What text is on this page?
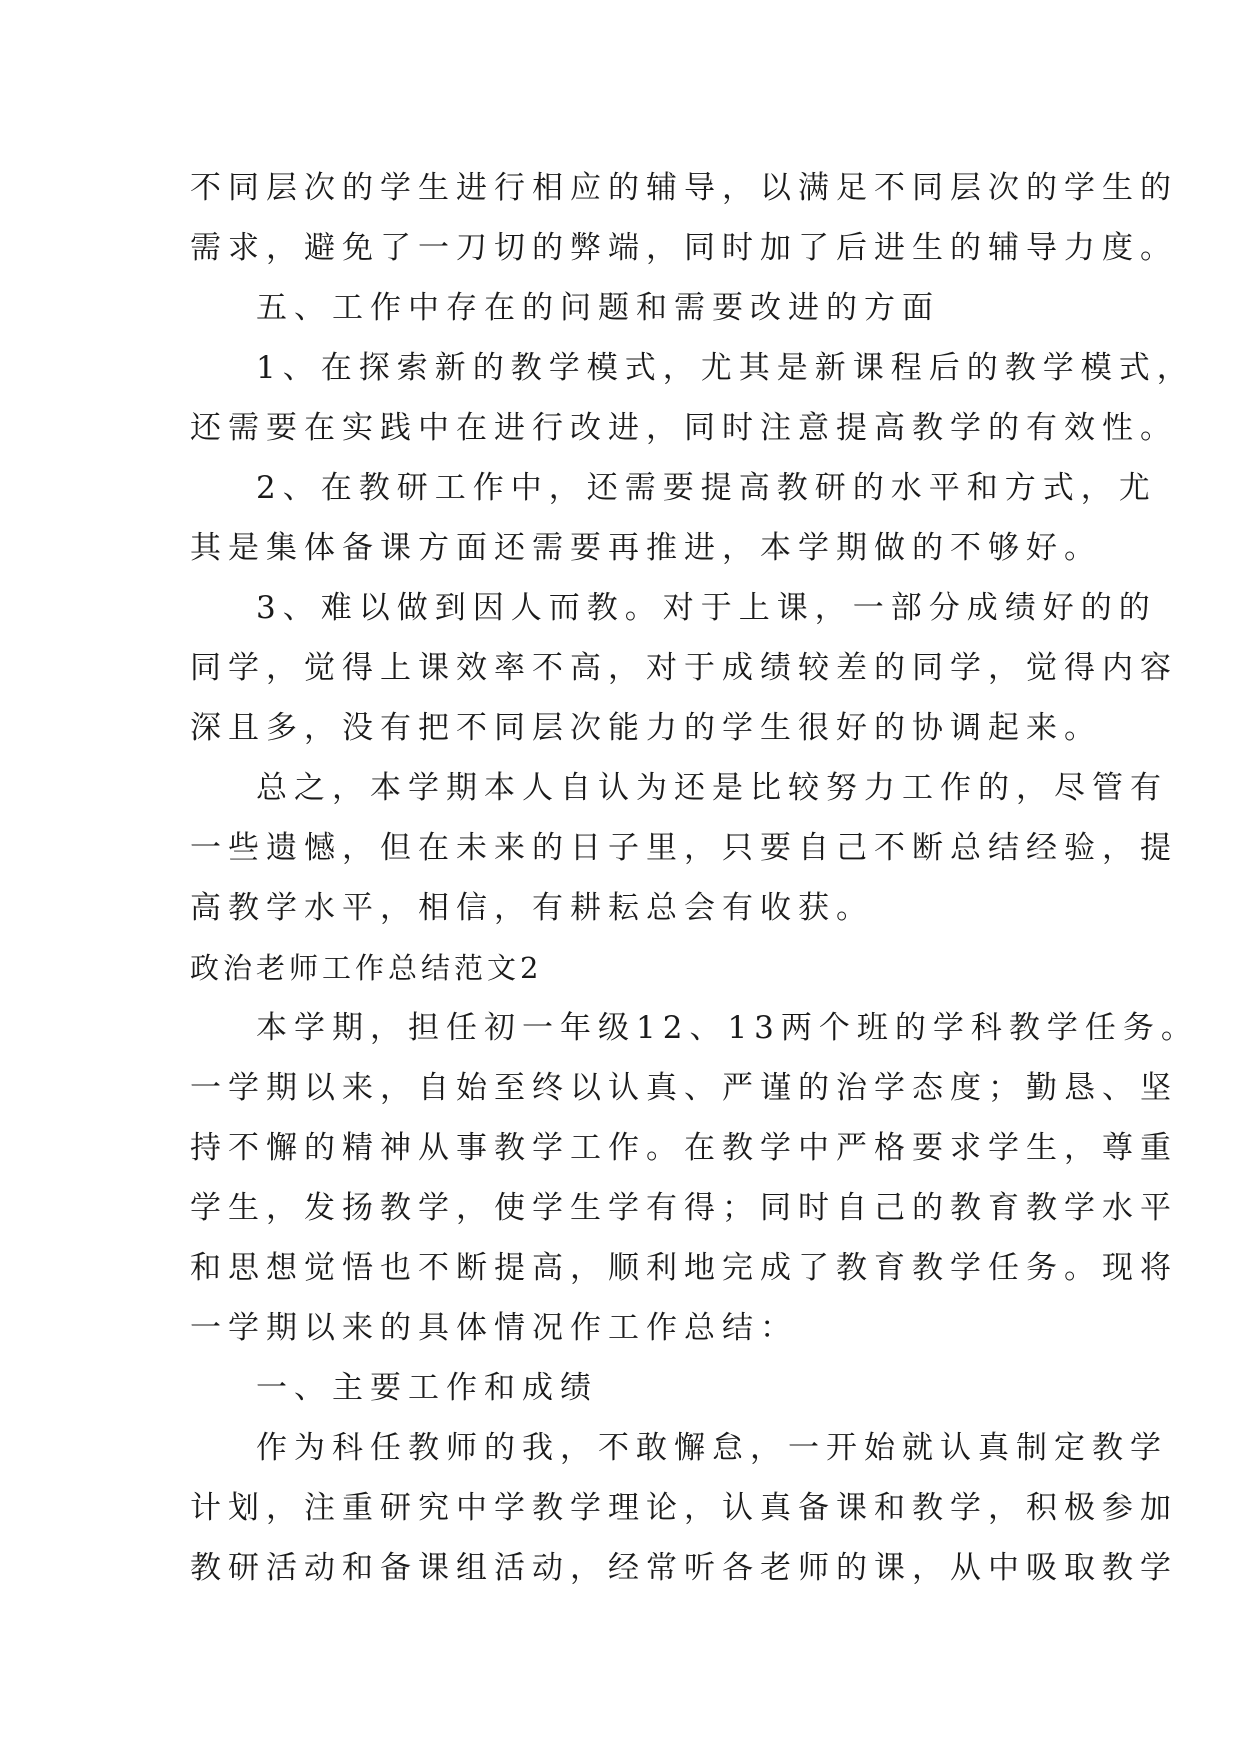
不同层次的学生进行相应的辅导，以满足不同层次的学生的
需求，避免了一刀切的弊端，同时加了后进生的辅导力度。
五、工作中存在的问题和需要改进的方面
1、在探索新的教学模式，尤其是新课程后的教学模式，
还需要在实践中在进行改进，同时注意提高教学的有效性。
2、在教研工作中，还需要提高教研的水平和方式，尤
其是集体备课方面还需要再推进，本学期做的不够好。
3、难以做到因人而教。对于上课，一部分成绩好的的
同学，觉得上课效率不高，对于成绩较差的同学，觉得内容
深且多，没有把不同层次能力的学生很好的协调起来。
总之，本学期本人自认为还是比较努力工作的，尽管有
一些遗憾，但在未来的日子里，只要自己不断总结经验，提
高教学水平，相信，有耕耘总会有收获。
政治老师工作总结范文2
本学期，担任初一年级12、13两个班的学科教学任务。
一学期以来，自始至终以认真、严谨的治学态度；勤恳、坚
持不懈的精神从事教学工作。在教学中严格要求学生，尊重
学生，发扬教学，使学生学有得；同时自己的教育教学水平
和思想觉悟也不断提高，顺利地完成了教育教学任务。现将
一学期以来的具体情况作工作总结：
一、主要工作和成绩
作为科任教师的我，不敢懈怠，一开始就认真制定教学
计划，注重研究中学教学理论，认真备课和教学，积极参加
教研活动和备课组活动，经常听各老师的课，从中吸取教学
